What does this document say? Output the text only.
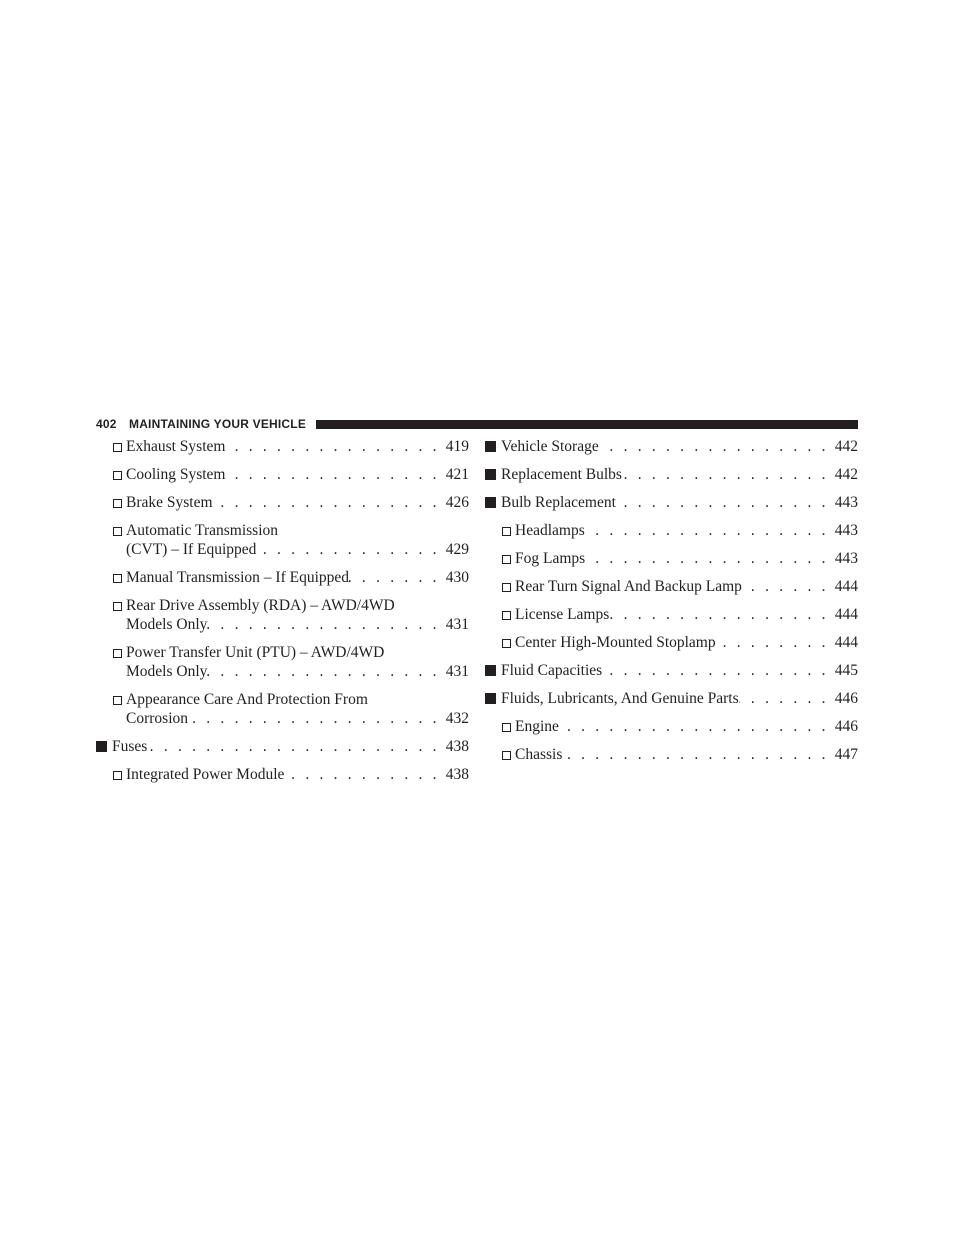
402 MAINTAINING YOUR VEHICLE
Exhaust System . . .	419
Cooling System . . .	421
Brake System . . .	426
Automatic Transmission
(CVT) – If Equipped . . .	429
Manual Transmission – If Equipped . . .	430
Rear Drive Assembly (RDA) – AWD/4WD
Models Only . . .	431
Power Transfer Unit (PTU) – AWD/4WD
Models Only . . .	431
Appearance Care And Protection From
Corrosion . . .	432
Fuses . . .	438
Integrated Power Module . . .	438
Vehicle Storage . . .	442
Replacement Bulbs . . .	442
Bulb Replacement . . .	443
Headlamps . . .	443
Fog Lamps . . .	443
Rear Turn Signal And Backup Lamp . . .	444
License Lamps . . .	444
Center High-Mounted Stoplamp . . .	444
Fluid Capacities . . .	445
Fluids, Lubricants, And Genuine Parts . . .	446
Engine . . .	446
Chassis . . .	447
